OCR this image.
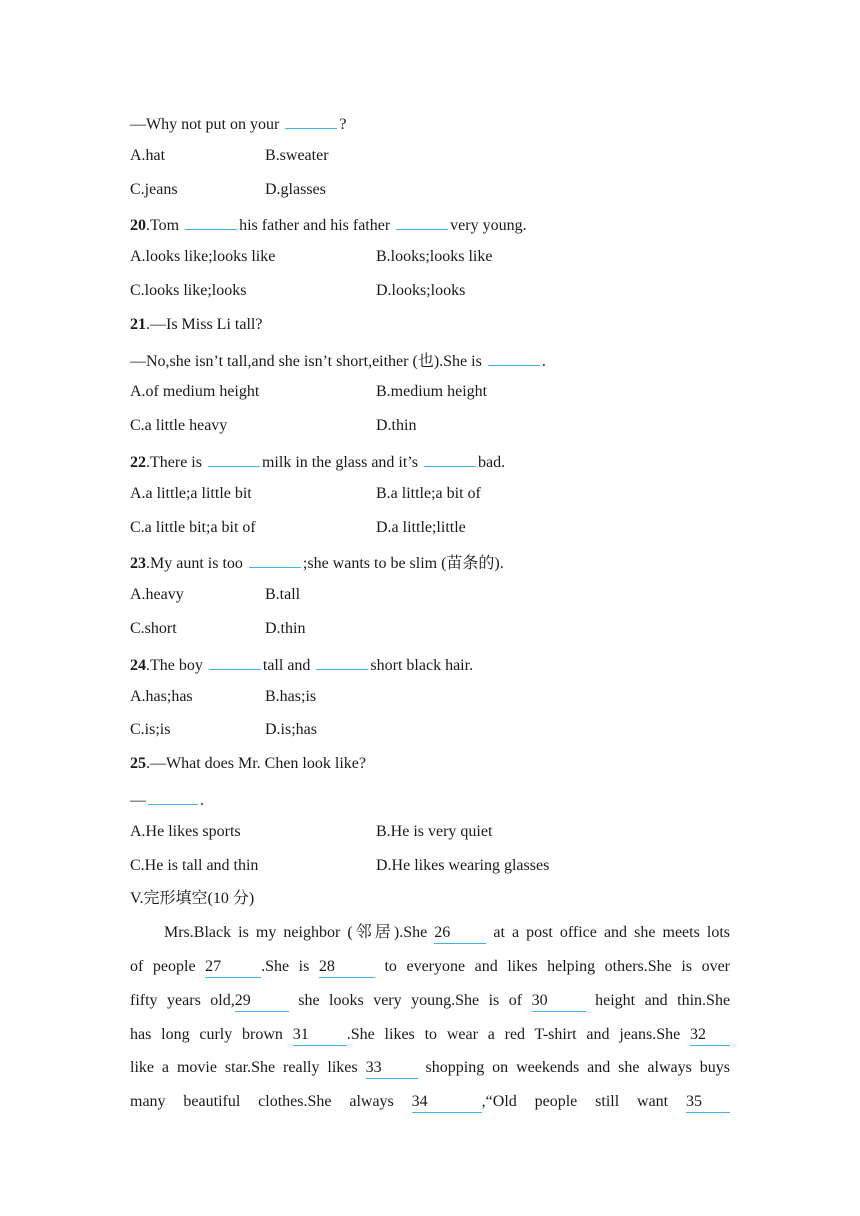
—Why not put on your	?
A.hat	B.sweater
C.jeans	D.glasses
20.Tom	his father and his father	very young.
A.looks like;looks like	B.looks;looks like
C.looks like;looks	D.looks;looks
21.—Is Miss Li tall?
—No,she isn’t tall,and she isn’t short,either (也).She is	.
A.of medium height	B.medium height
C.a little heavy	D.thin
22.There is	milk in the glass and it’s	bad.
A.a little;a little bit	B.a little;a bit of
C.a little bit;a bit of	D.a little;little
23.My aunt is too	;she wants to be slim (苗条的).
A.heavy	B.tall
C.short	D.thin
24.The boy	tall and	short black hair.
A.has;has	B.has;is
C.is;is	D.is;has
25.—What does Mr. Chen look like?
—	.
A.He likes sports	B.He is very quiet
C.He is tall and thin	D.He likes wearing glasses
V.完形填空(10 分)
Mrs.Black is my neighbor (邻居).She 26	at a post office and she meets lots
of people 27	.She is 28	to everyone and likes helping others.She is over
fifty years old,29	she looks very young.She is of 30	height and thin.She
has long curly brown 31 .She likes to wear a red T-shirt and jeans.She 32
like a movie star.She really likes 33	shopping on weekends and she always buys
many beautiful clothes.She always 34	,“Old people still want 35
